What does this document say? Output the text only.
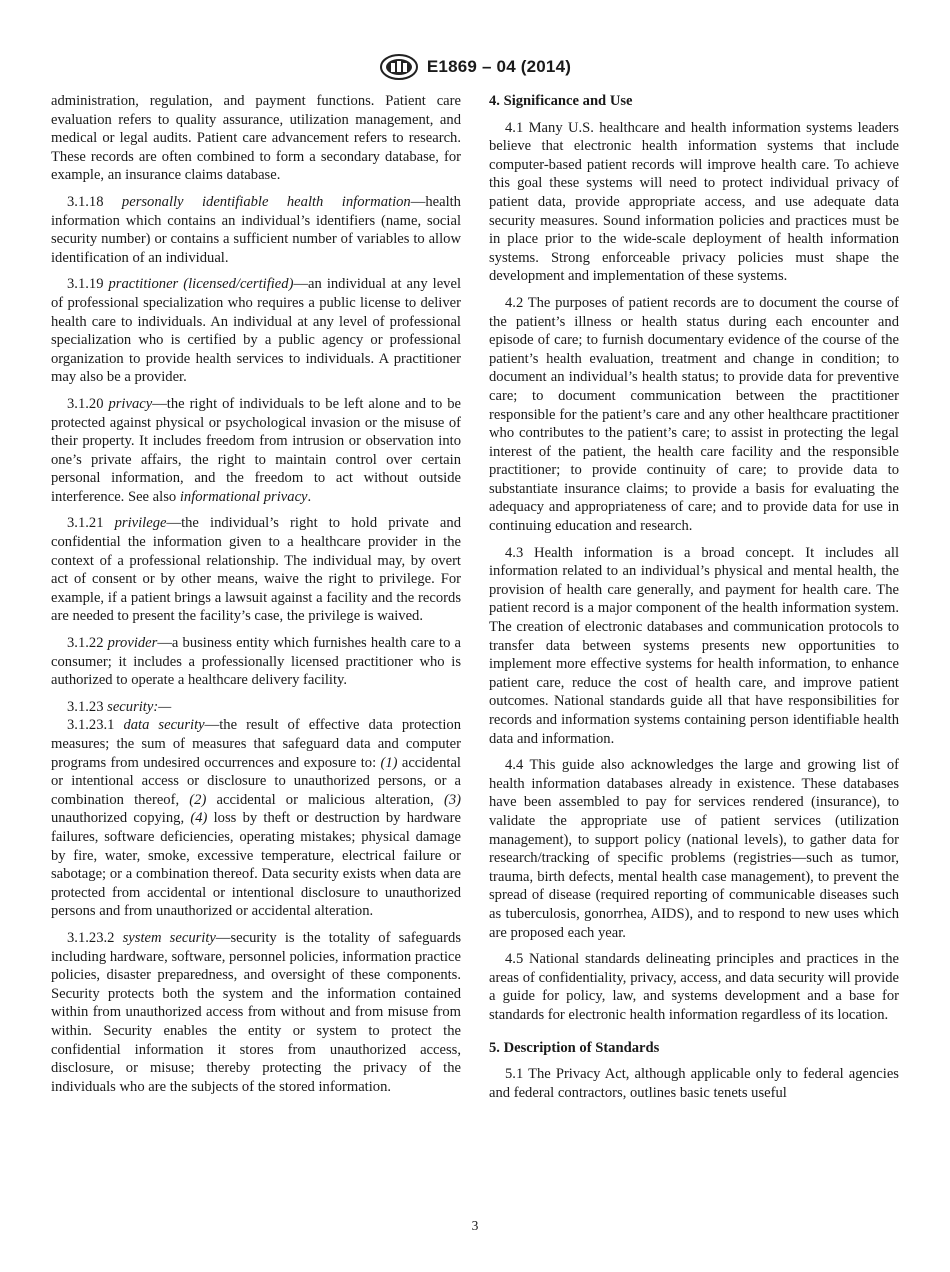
E1869 – 04 (2014)

administration, regulation, and payment functions. Patient care evaluation refers to quality assurance, utilization management, and medical or legal audits. Patient care advancement refers to research. These records are often combined to form a secondary database, for example, an insurance claims database.

3.1.18 personally identifiable health information—health information which contains an individual’s identifiers (name, social security number) or contains a sufficient number of variables to allow identification of an individual.

3.1.19 practitioner (licensed/certified)—an individual at any level of professional specialization who requires a public license to deliver health care to individuals. An individual at any level of professional specialization who is certified by a public agency or professional organization to provide health services to individuals. A practitioner may also be a provider.

3.1.20 privacy—the right of individuals to be left alone and to be protected against physical or psychological invasion or the misuse of their property. It includes freedom from intrusion or observation into one’s private affairs, the right to maintain control over certain personal information, and the freedom to act without outside interference. See also informational privacy.

3.1.21 privilege—the individual’s right to hold private and confidential the information given to a healthcare provider in the context of a professional relationship. The individual may, by overt act of consent or by other means, waive the right to privilege. For example, if a patient brings a lawsuit against a facility and the records are needed to present the facility’s case, the privilege is waived.

3.1.22 provider—a business entity which furnishes health care to a consumer; it includes a professionally licensed practitioner who is authorized to operate a healthcare delivery facility.

3.1.23 security:—

3.1.23.1 data security—the result of effective data protection measures; the sum of measures that safeguard data and computer programs from undesired occurrences and exposure to: (1) accidental or intentional access or disclosure to unauthorized persons, or a combination thereof, (2) accidental or malicious alteration, (3) unauthorized copying, (4) loss by theft or destruction by hardware failures, software deficiencies, operating mistakes; physical damage by fire, water, smoke, excessive temperature, electrical failure or sabotage; or a combination thereof. Data security exists when data are protected from accidental or intentional disclosure to unauthorized persons and from unauthorized or accidental alteration.

3.1.23.2 system security—security is the totality of safeguards including hardware, software, personnel policies, information practice policies, disaster preparedness, and oversight of these components. Security protects both the system and the information contained within from unauthorized access from without and from misuse from within. Security enables the entity or system to protect the confidential information it stores from unauthorized access, disclosure, or misuse; thereby protecting the privacy of the individuals who are the subjects of the stored information.

4. Significance and Use

4.1 Many U.S. healthcare and health information systems leaders believe that electronic health information systems that include computer-based patient records will improve health care. To achieve this goal these systems will need to protect individual privacy of patient data, provide appropriate access, and use adequate data security measures. Sound information policies and practices must be in place prior to the wide-scale deployment of health information systems. Strong enforceable privacy policies must shape the development and implementation of these systems.

4.2 The purposes of patient records are to document the course of the patient’s illness or health status during each encounter and episode of care; to furnish documentary evidence of the course of the patient’s health evaluation, treatment and change in condition; to document an individual’s health status; to provide data for preventive care; to document communication between the practitioner responsible for the patient’s care and any other healthcare practitioner who contributes to the patient’s care; to assist in protecting the legal interest of the patient, the health care facility and the responsible practitioner; to provide continuity of care; to provide data to substantiate insurance claims; to provide a basis for evaluating the adequacy and appropriateness of care; and to provide data for use in continuing education and research.

4.3 Health information is a broad concept. It includes all information related to an individual’s physical and mental health, the provision of health care generally, and payment for health care. The patient record is a major component of the health information system. The creation of electronic databases and communication protocols to transfer data between systems presents new opportunities to implement more effective systems for health information, to enhance patient care, reduce the cost of health care, and improve patient outcomes. National standards guide all that have responsibilities for records and information systems containing person identifiable health data and information.

4.4 This guide also acknowledges the large and growing list of health information databases already in existence. These databases have been assembled to pay for services rendered (insurance), to validate the appropriate use of patient services (utilization management), to support policy (national levels), to gather data for research/tracking of specific problems (registries—such as tumor, trauma, birth defects, mental health case management), to prevent the spread of disease (required reporting of communicable diseases such as tuberculosis, gonorrhea, AIDS), and to respond to new uses which are proposed each year.

4.5 National standards delineating principles and practices in the areas of confidentiality, privacy, access, and data security will provide a guide for policy, law, and systems development and a base for standards for electronic health information regardless of its location.

5. Description of Standards

5.1 The Privacy Act, although applicable only to federal agencies and federal contractors, outlines basic tenets useful

3
